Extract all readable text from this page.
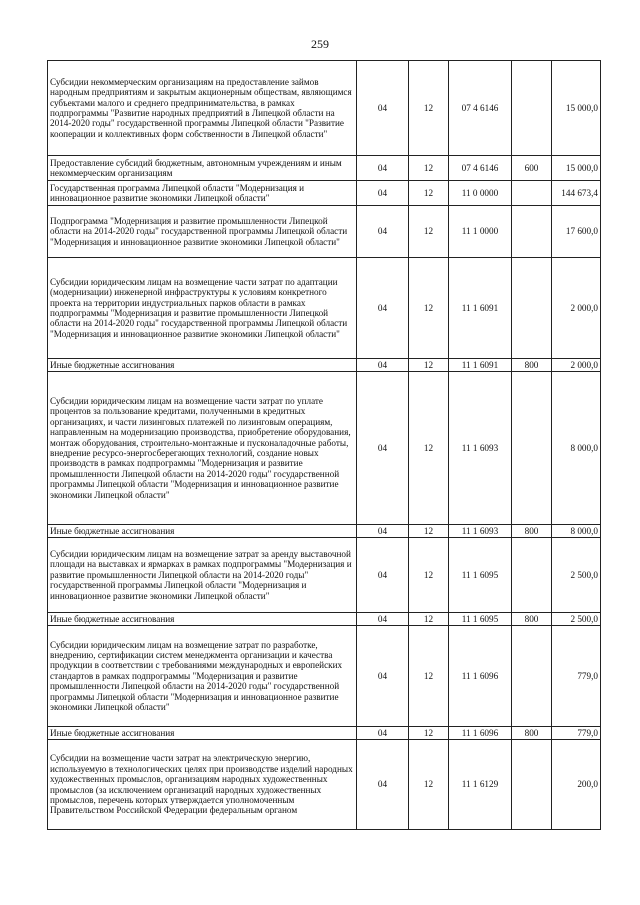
259
Субсидии некоммерческим организациям на предоставление займов народным предприятиям и закрытым акционерным обществам, являющимся субъектами малого и среднего предпринимательства, в рамках подпрограммы "Развитие народных предприятий в Липецкой области на 2014-2020 годы" государственной программы Липецкой области "Развитие кооперации и коллективных форм собственности в Липецкой области"	04	12	07 4 6146		15 000,0
Предоставление субсидий бюджетным, автономным учреждениям и иным некоммерческим организациям	04	12	07 4 6146	600	15 000,0
Государственная программа Липецкой области "Модернизация и инновационное развитие экономики Липецкой области"	04	12	11 0 0000		144 673,4
Подпрограмма "Модернизация и развитие промышленности Липецкой области на 2014-2020 годы" государственной программы Липецкой области "Модернизация и инновационное развитие экономики Липецкой области"	04	12	11 1 0000		17 600,0
Субсидии юридическим лицам на возмещение части затрат по адаптации (модернизации) инженерной инфраструктуры к условиям конкретного проекта на территории индустриальных парков области в рамках подпрограммы "Модернизация и развитие промышленности Липецкой области на 2014-2020 годы" государственной программы Липецкой области "Модернизация и инновационное развитие экономики Липецкой области"	04	12	11 1 6091		2 000,0
Иные бюджетные ассигнования	04	12	11 1 6091	800	2 000,0
Субсидии юридическим лицам на возмещение части затрат по уплате процентов за пользование кредитами, полученными в кредитных организациях, и части лизинговых платежей по лизинговым операциям, направленным на модернизацию производства, приобретение оборудования, монтаж оборудования, строительно-монтажные и пусконаладочные работы, внедрение ресурсо-энергосберегающих технологий, создание новых производств в рамках подпрограммы "Модернизация и развитие промышленности Липецкой области на 2014-2020 годы" государственной программы Липецкой области "Модернизация и инновационное развитие экономики Липецкой области"	04	12	11 1 6093		8 000,0
Иные бюджетные ассигнования	04	12	11 1 6093	800	8 000,0
Субсидии юридическим лицам на возмещение затрат за аренду выставочной площади на выставках и ярмарках в рамках подпрограммы "Модернизация и развитие промышленности Липецкой области на 2014-2020 годы" государственной программы Липецкой области "Модернизация и инновационное развитие экономики Липецкой области"	04	12	11 1 6095		2 500,0
Иные бюджетные ассигнования	04	12	11 1 6095	800	2 500,0
Субсидии юридическим лицам на возмещение затрат по разработке, внедрению, сертификации систем менеджмента организации и качества продукции в соответствии с требованиями международных и европейских стандартов в рамках подпрограммы "Модернизация и развитие промышленности Липецкой области на 2014-2020 годы" государственной программы Липецкой области "Модернизация и инновационное развитие экономики Липецкой области"	04	12	11 1 6096		779,0
Иные бюджетные ассигнования	04	12	11 1 6096	800	779,0
Субсидии на возмещение части затрат на электрическую энергию, используемую в технологических целях при производстве изделий народных художественных промыслов, организациям народных художественных промыслов (за исключением организаций народных художественных промыслов, перечень которых утверждается уполномоченным Правительством Российской Федерации федеральным органом	04	12	11 1 6129		200,0
